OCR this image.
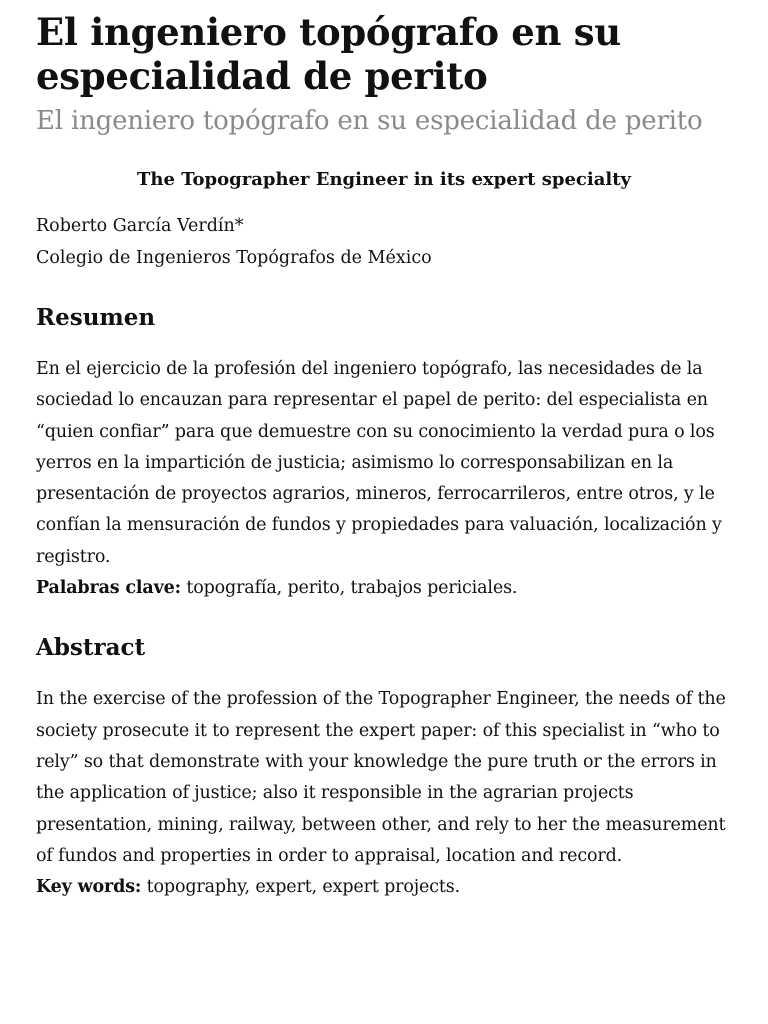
El ingeniero topógrafo en su especialidad de perito
El ingeniero topógrafo en su especialidad de perito
The Topographer Engineer in its expert specialty
Roberto García Verdín*
Colegio de Ingenieros Topógrafos de México
Resumen

En el ejercicio de la profesión del ingeniero topógrafo, las necesidades de la sociedad lo encauzan para representar el papel de perito: del especialista en “quien confiar” para que demuestre con su conocimiento la verdad pura o los yerros en la impartición de justicia; asimismo lo corresponsabilizan en la presentación de proyectos agrarios, mineros, ferrocarrileros, entre otros, y le confían la mensuración de fundos y propiedades para valuación, localización y registro.

Palabras clave: topografía, perito, trabajos periciales.

Abstract

In the exercise of the profession of the Topographer Engineer, the needs of the society prosecute it to represent the expert paper: of this specialist in “who to rely” so that demonstrate with your knowledge the pure truth or the errors in the application of justice; also it responsible in the agrarian projects presentation, mining, railway, between other, and rely to her the measurement of fundos and properties in order to appraisal, location and record.

Key words: topography, expert, expert projects.
